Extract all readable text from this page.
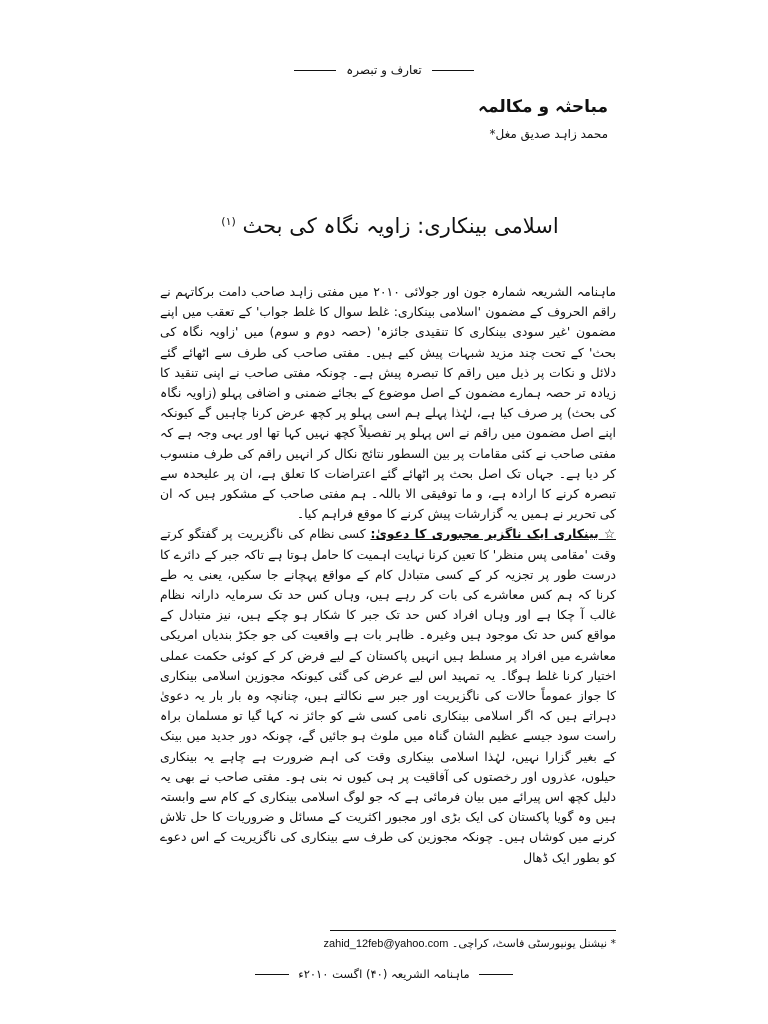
تعارف و تبصرہ
مباحثہ و مکالمہ
محمد زاہد صدیق مغل*
اسلامی بینکاری: زاویہ نگاہ کی بحث $^{(۱)}$

ماہنامہ الشریعہ شمارہ جون اور جولائی ۲۰۱۰ میں مفتی زاہد صاحب دامت برکاتہم نے راقم الحروف کے مضمون 'اسلامی بینکاری: غلط سوال کا غلط جواب' کے تعقب میں اپنے مضمون 'غیر سودی بینکاری کا تنقیدی جائزہ' (حصہ دوم و سوم) میں 'زاویہ نگاہ کی بحث' کے تحت چند مزید شبہات پیش کیے ہیں۔ مفتی صاحب کی طرف سے اٹھائے گئے دلائل و نکات پر ذیل میں راقم کا تبصرہ پیش ہے۔ چونکہ مفتی صاحب نے اپنی تنقید کا زیادہ تر حصہ ہمارے مضمون کے اصل موضوع کے بجائے ضمنی و اضافی پہلو (زاویہ نگاہ کی بحث) پر صرف کیا ہے، لہٰذا پہلے ہم اسی پہلو پر کچھ عرض کرنا چاہیں گے کیونکہ اپنے اصل مضمون میں راقم نے اس پہلو پر تفصیلاً کچھ نہیں کہا تھا اور یہی وجہ ہے کہ مفتی صاحب نے کئی مقامات پر بین السطور نتائج نکال کر انہیں راقم کی طرف منسوب کر دیا ہے۔ جہاں تک اصل بحث پر اٹھائے گئے اعتراضات کا تعلق ہے، ان پر علیحدہ سے تبصرہ کرنے کا ارادہ ہے، و ما توفیقی الا باللہ۔ ہم مفتی صاحب کے مشکور ہیں کہ ان کی تحریر نے ہمیں یہ گزارشات پیش کرنے کا موقع فراہم کیا۔

☆ بینکاری ایک ناگزیر مجبوری کا دعویٰ: کسی نظام کی ناگزیریت پر گفتگو کرتے وقت 'مقامی پس منظر' کا تعین کرنا نہایت اہمیت کا حامل ہوتا ہے تاکہ جبر کے دائرے کا درست طور پر تجزیہ کر کے کسی متبادل کام کے مواقع پہچانے جا سکیں، یعنی یہ طے کرنا کہ ہم کس معاشرے کی بات کر رہے ہیں، وہاں کس حد تک سرمایہ دارانہ نظام غالب آ چکا ہے اور وہاں افراد کس حد تک جبر کا شکار ہو چکے ہیں، نیز متبادل کے مواقع کس حد تک موجود ہیں وغیرہ۔ ظاہر بات ہے واقعیت کی جو جکڑ بندیاں امریکی معاشرے میں افراد پر مسلط ہیں انہیں پاکستان کے لیے فرض کر کے کوئی حکمت عملی اختیار کرنا غلط ہوگا۔ یہ تمہید اس لیے عرض کی گئی کیونکہ مجوزین اسلامی بینکاری کا جواز عموماً حالات کی ناگزیریت اور جبر سے نکالتے ہیں، چنانچہ وہ بار بار یہ دعویٰ دہراتے ہیں کہ اگر اسلامی بینکاری نامی کسی شے کو جائز نہ کہا گیا تو مسلمان براہ راست سود جیسے عظیم الشان گناہ میں ملوث ہو جائیں گے، چونکہ دور جدید میں بینک کے بغیر گزارا نہیں، لہٰذا اسلامی بینکاری وقت کی اہم ضرورت ہے چاہے یہ بینکاری حیلوں، عذروں اور رخصتوں کی آفاقیت پر ہی کیوں نہ بنی ہو۔ مفتی صاحب نے بھی یہ دلیل کچھ اس پیرائے میں بیان فرمائی ہے کہ جو لوگ اسلامی بینکاری کے کام سے وابستہ ہیں وہ گویا پاکستان کی ایک بڑی اور مجبور اکثریت کے مسائل و ضروریات کا حل تلاش کرنے میں کوشاں ہیں۔ چونکہ مجوزین کی طرف سے بینکاری کی ناگزیریت کے اس دعوے کو بطور ایک ڈھال

* نیشنل یونیورسٹی فاسٹ، کراچی۔ zahid_12feb@yahoo.com
ماہنامہ الشریعہ (۴۰) اگست ۲۰۱۰ء
